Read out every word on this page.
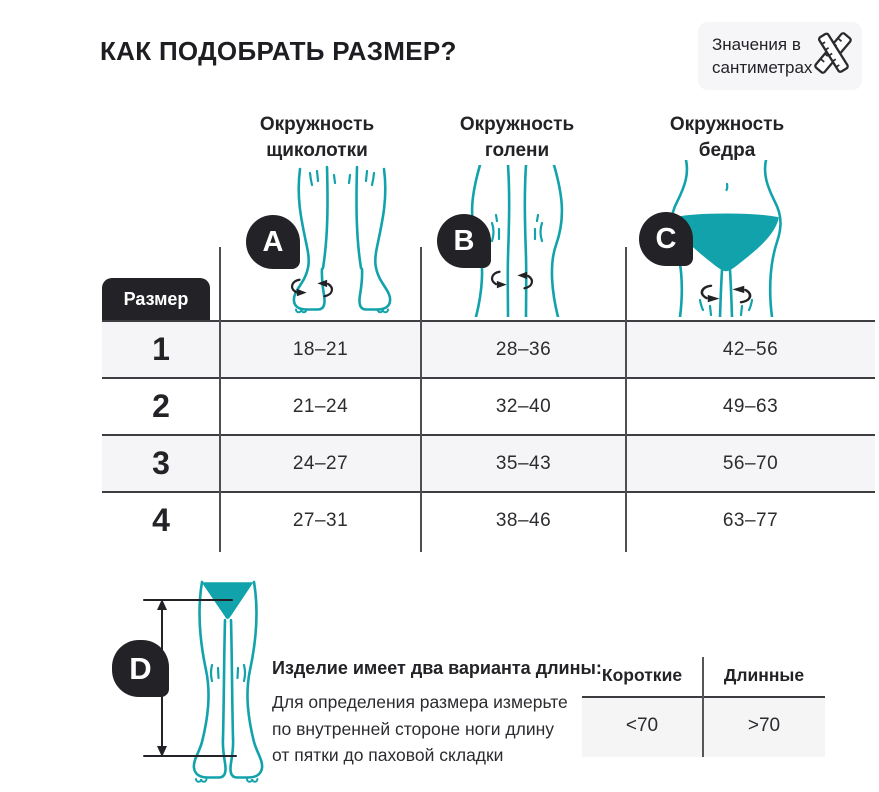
КАК ПОДОБРАТЬ РАЗМЕР?	Значения в
сантиметрах
Окружность
щиколотки
Окружность
голени
Окружность
бедра
A	B	C
Размер
1	18–21	28–36	42–56
2	21–24	32–40	49–63
3	24–27	35–43	56–70
4	27–31	38–46	63–77
D	Изделие имеет два варианта длины:
Для определения размера измерьте
по внутренней стороне ноги длину
от пятки до паховой складки
Короткие	Длинные
<70	>70
